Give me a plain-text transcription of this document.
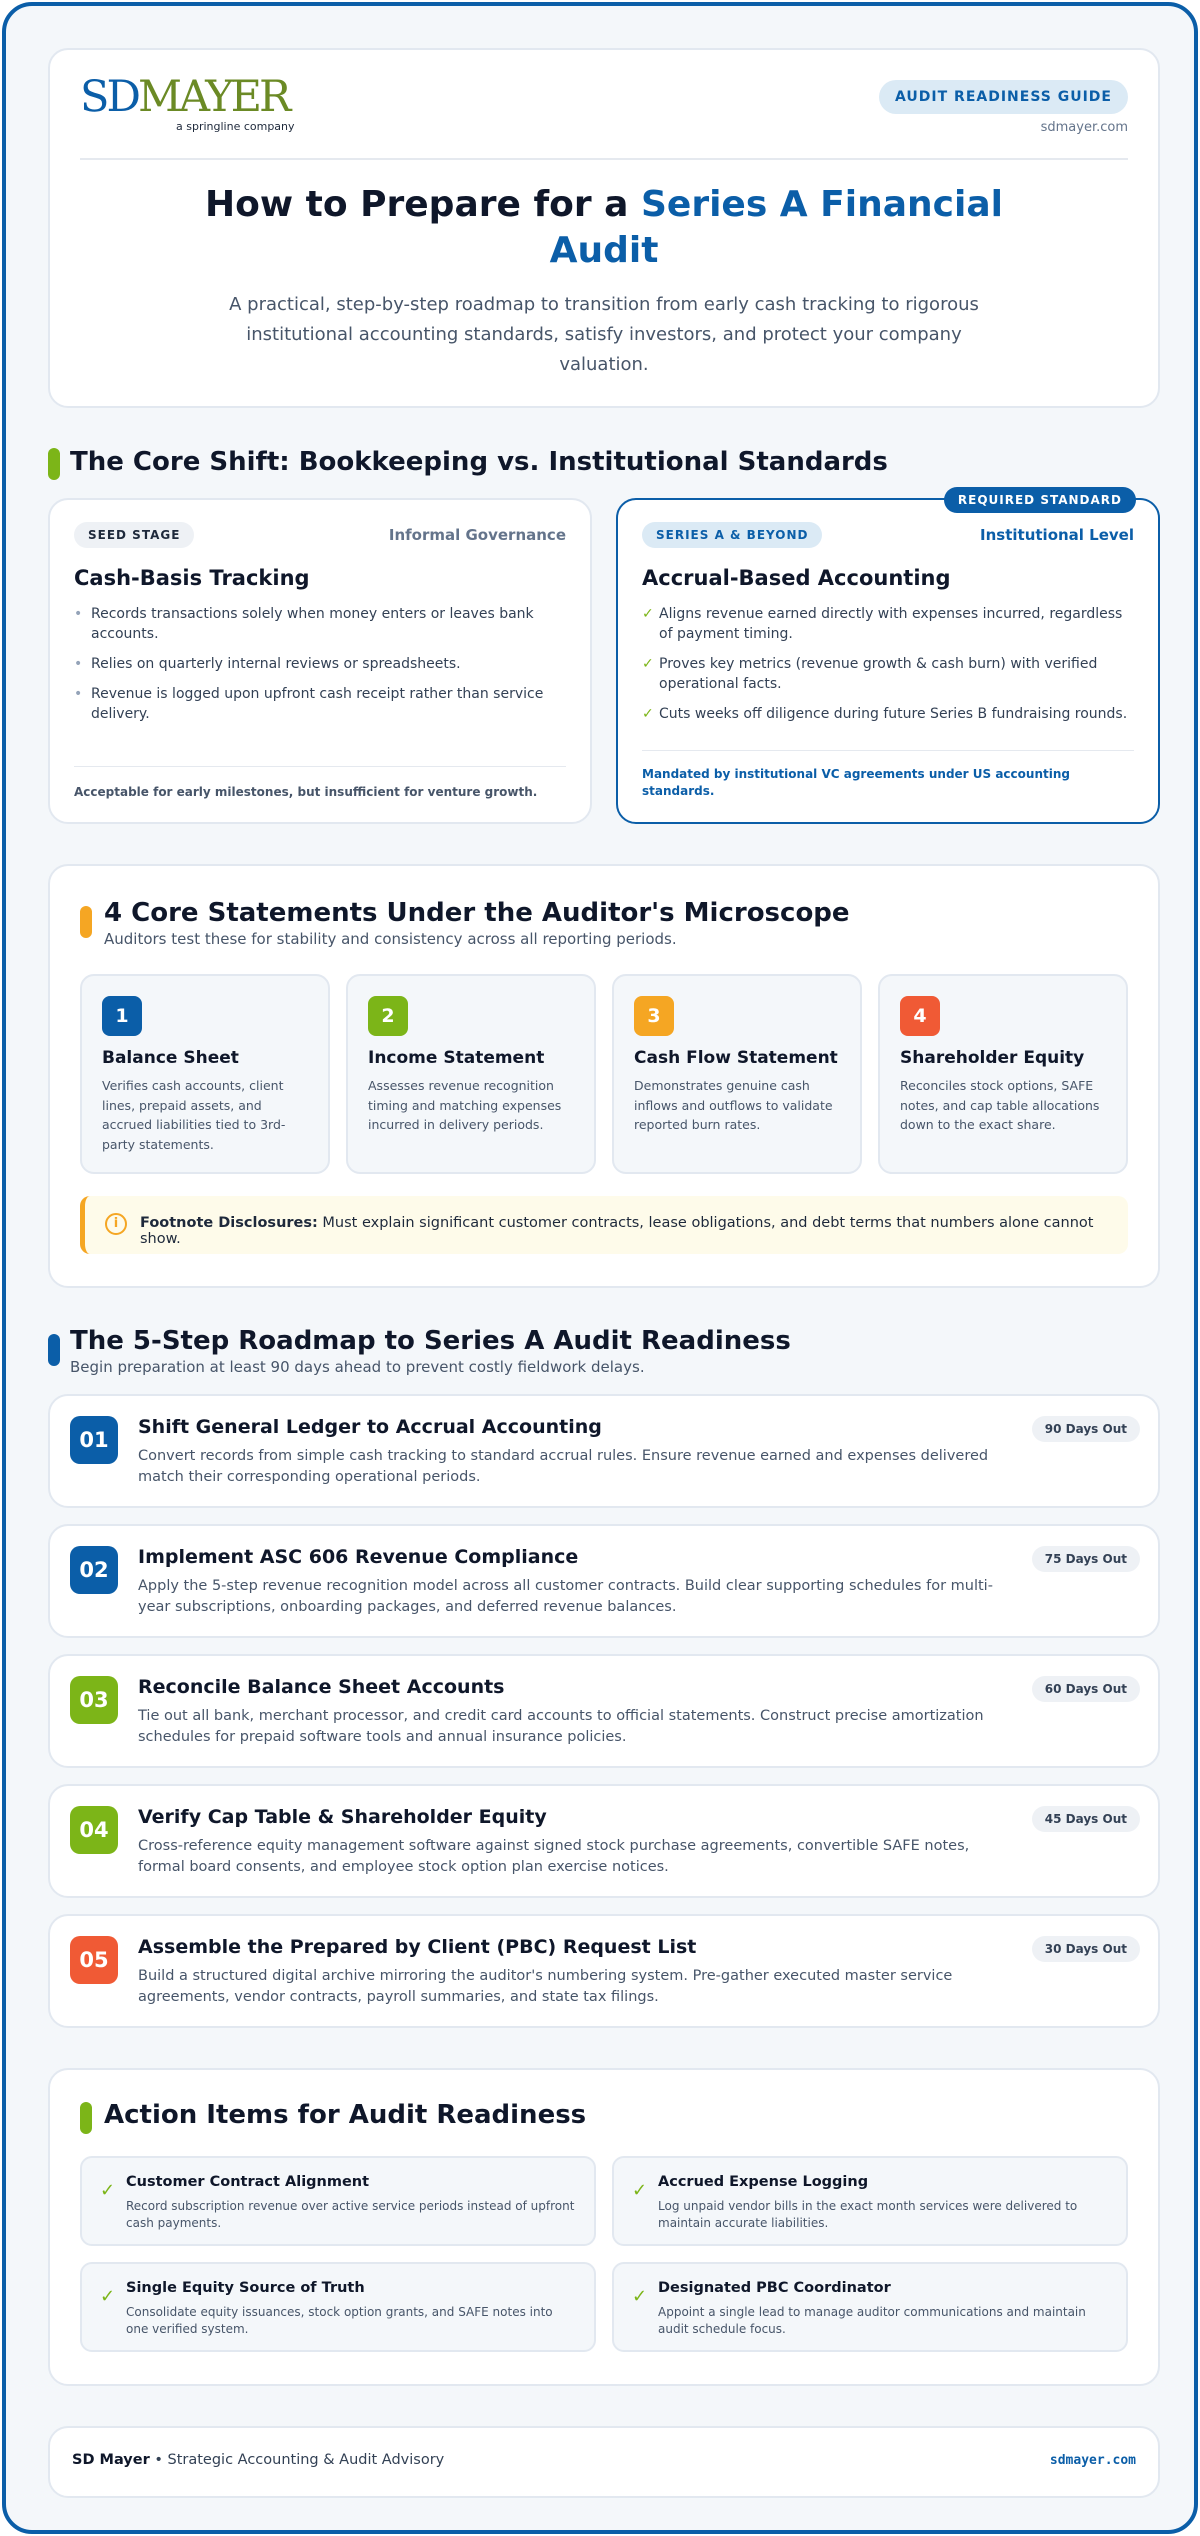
SDMAYER
a springline company
AUDIT READINESS GUIDE
sdmayer.com
How to Prepare for a Series A Financial Audit

A practical, step-by-step roadmap to transition from early cash tracking to rigorous institutional accounting standards, satisfy investors, and protect your company valuation.

The Core Shift: Bookkeeping vs. Institutional Standards
SEED STAGE	Informal Governance
Cash-Basis Tracking
• Records transactions solely when money enters or leaves bank accounts.
• Relies on quarterly internal reviews or spreadsheets.
• Revenue is logged upon upfront cash receipt rather than service delivery.
Acceptable for early milestones, but insufficient for venture growth.
REQUIRED STANDARD
SERIES A & BEYOND	Institutional Level
Accrual-Based Accounting
✓ Aligns revenue earned directly with expenses incurred, regardless of payment timing.
✓ Proves key metrics (revenue growth & cash burn) with verified operational facts.
✓ Cuts weeks off diligence during future Series B fundraising rounds.
Mandated by institutional VC agreements under US accounting standards.
4 Core Statements Under the Auditor's Microscope
Auditors test these for stability and consistency across all reporting periods.
1
Balance Sheet
Verifies cash accounts, client lines, prepaid assets, and accrued liabilities tied to 3rd-party statements.
2
Income Statement
Assesses revenue recognition timing and matching expenses incurred in delivery periods.
3
Cash Flow Statement
Demonstrates genuine cash inflows and outflows to validate reported burn rates.
4
Shareholder Equity
Reconciles stock options, SAFE notes, and cap table allocations down to the exact share.
i	Footnote Disclosures: Must explain significant customer contracts, lease obligations, and debt terms that numbers alone cannot show.
The 5-Step Roadmap to Series A Audit Readiness
Begin preparation at least 90 days ahead to prevent costly fieldwork delays.
01
Shift General Ledger to Accrual Accounting
Convert records from simple cash tracking to standard accrual rules. Ensure revenue earned and expenses delivered match their corresponding operational periods.
90 Days Out
02
Implement ASC 606 Revenue Compliance
Apply the 5-step revenue recognition model across all customer contracts. Build clear supporting schedules for multi-year subscriptions, onboarding packages, and deferred revenue balances.
75 Days Out
03
Reconcile Balance Sheet Accounts
Tie out all bank, merchant processor, and credit card accounts to official statements. Construct precise amortization schedules for prepaid software tools and annual insurance policies.
60 Days Out
04
Verify Cap Table & Shareholder Equity
Cross-reference equity management software against signed stock purchase agreements, convertible SAFE notes, formal board consents, and employee stock option plan exercise notices.
45 Days Out
05
Assemble the Prepared by Client (PBC) Request List
Build a structured digital archive mirroring the auditor's numbering system. Pre-gather executed master service agreements, vendor contracts, payroll summaries, and state tax filings.
30 Days Out
Action Items for Audit Readiness
✓ Customer Contract Alignment
Record subscription revenue over active service periods instead of upfront cash payments.
✓ Accrued Expense Logging
Log unpaid vendor bills in the exact month services were delivered to maintain accurate liabilities.
✓ Single Equity Source of Truth
Consolidate equity issuances, stock option grants, and SAFE notes into one verified system.
✓ Designated PBC Coordinator
Appoint a single lead to manage auditor communications and maintain audit schedule focus.
SD Mayer • Strategic Accounting & Audit Advisory	sdmayer.com
